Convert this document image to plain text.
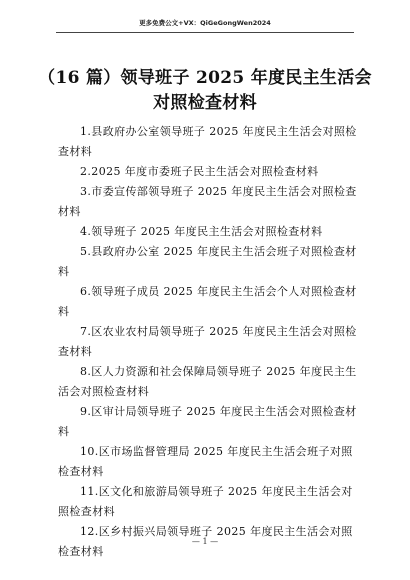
更多免费公文+VX：QiGeGongWen2024
（16 篇）领导班子 2025 年度民主生活会
对照检查材料
1.县政府办公室领导班子 2025 年度民主生活会对照检查材料
2.2025 年度市委班子民主生活会对照检查材料
3.市委宣传部领导班子 2025 年度民主生活会对照检查材料
4.领导班子 2025 年度民主生活会对照检查材料
5.县政府办公室 2025 年度民主生活会班子对照检查材料
6.领导班子成员 2025 年度民主生活会个人对照检查材料
7.区农业农村局领导班子 2025 年度民主生活会对照检查材料
8.区人力资源和社会保障局领导班子 2025 年度民主生活会对照检查材料
9.区审计局领导班子 2025 年度民主生活会对照检查材料
10.区市场监督管理局 2025 年度民主生活会班子对照检查材料
11.区文化和旅游局领导班子 2025 年度民主生活会对照检查材料
12.区乡村振兴局领导班子 2025 年度民主生活会对照检查材料
— 1 —
